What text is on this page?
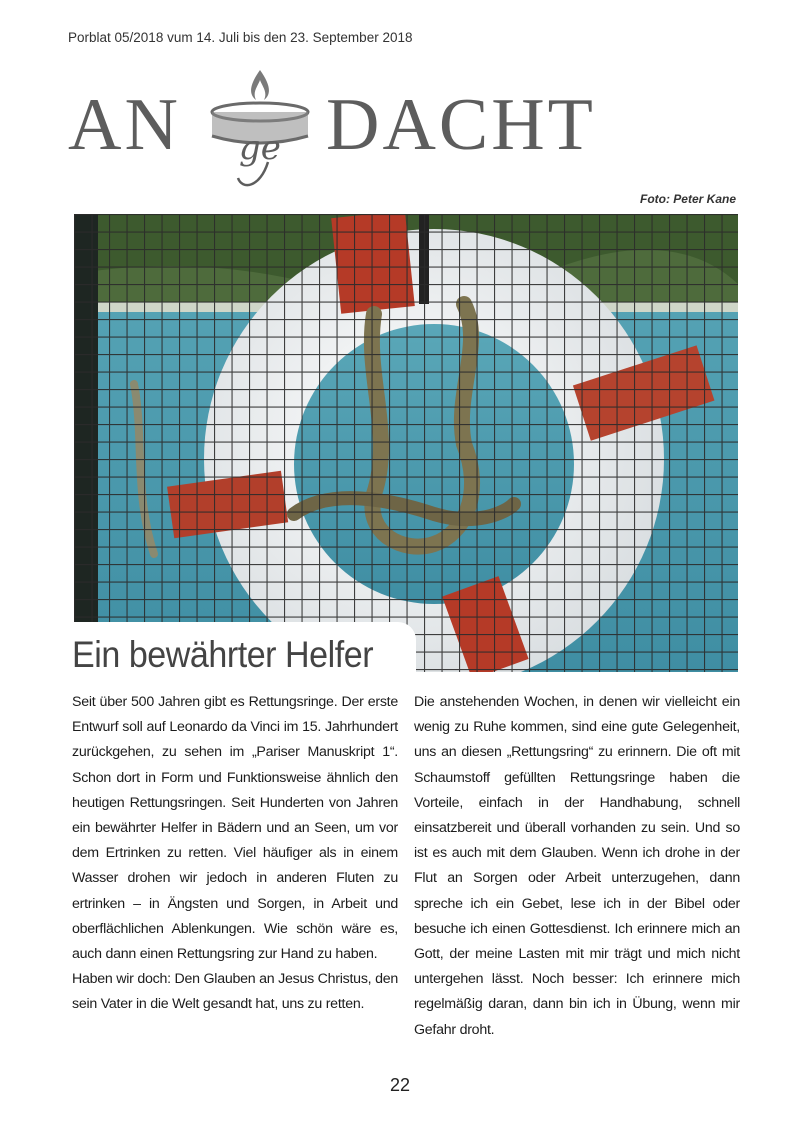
Porblat 05/2018 vum 14. Juli bis den 23. September 2018
AN	ge DACHT
Foto: Peter Kane
Ein bewährter Helfer

Seit über 500 Jahren gibt es Rettungsringe. Der erste Entwurf soll auf Leonardo da Vinci im 15. Jahrhundert zurückgehen, zu sehen im „Pariser Manuskript 1“. Schon dort in Form und Funktionsweise ähnlich den heutigen Rettungsringen. Seit Hunderten von Jahren ein bewährter Helfer in Bädern und an Seen, um vor dem Ertrinken zu retten. Viel häufiger als in einem Wasser drohen wir jedoch in anderen Fluten zu ertrinken – in Ängsten und Sorgen, in Arbeit und oberflächlichen Ablenkungen. Wie schön wäre es, auch dann einen Rettungsring zur Hand zu haben.

Haben wir doch: Den Glauben an Jesus Christus, den sein Vater in die Welt gesandt hat, uns zu retten.

Die anstehenden Wochen, in denen wir vielleicht ein wenig zu Ruhe kommen, sind eine gute Gelegenheit, uns an diesen „Rettungsring“ zu erinnern. Die oft mit Schaumstoff gefüllten Rettungsringe haben die Vorteile, einfach in der Handhabung, schnell einsatzbereit und überall vorhanden zu sein. Und so ist es auch mit dem Glauben. Wenn ich drohe in der Flut an Sorgen oder Arbeit unterzugehen, dann spreche ich ein Gebet, lese ich in der Bibel oder besuche ich einen Gottesdienst. Ich erinnere mich an Gott, der meine Lasten mit mir trägt und mich nicht untergehen lässt. Noch besser: Ich erinnere mich regelmäßig daran, dann bin ich in Übung, wenn mir Gefahr droht.

22
